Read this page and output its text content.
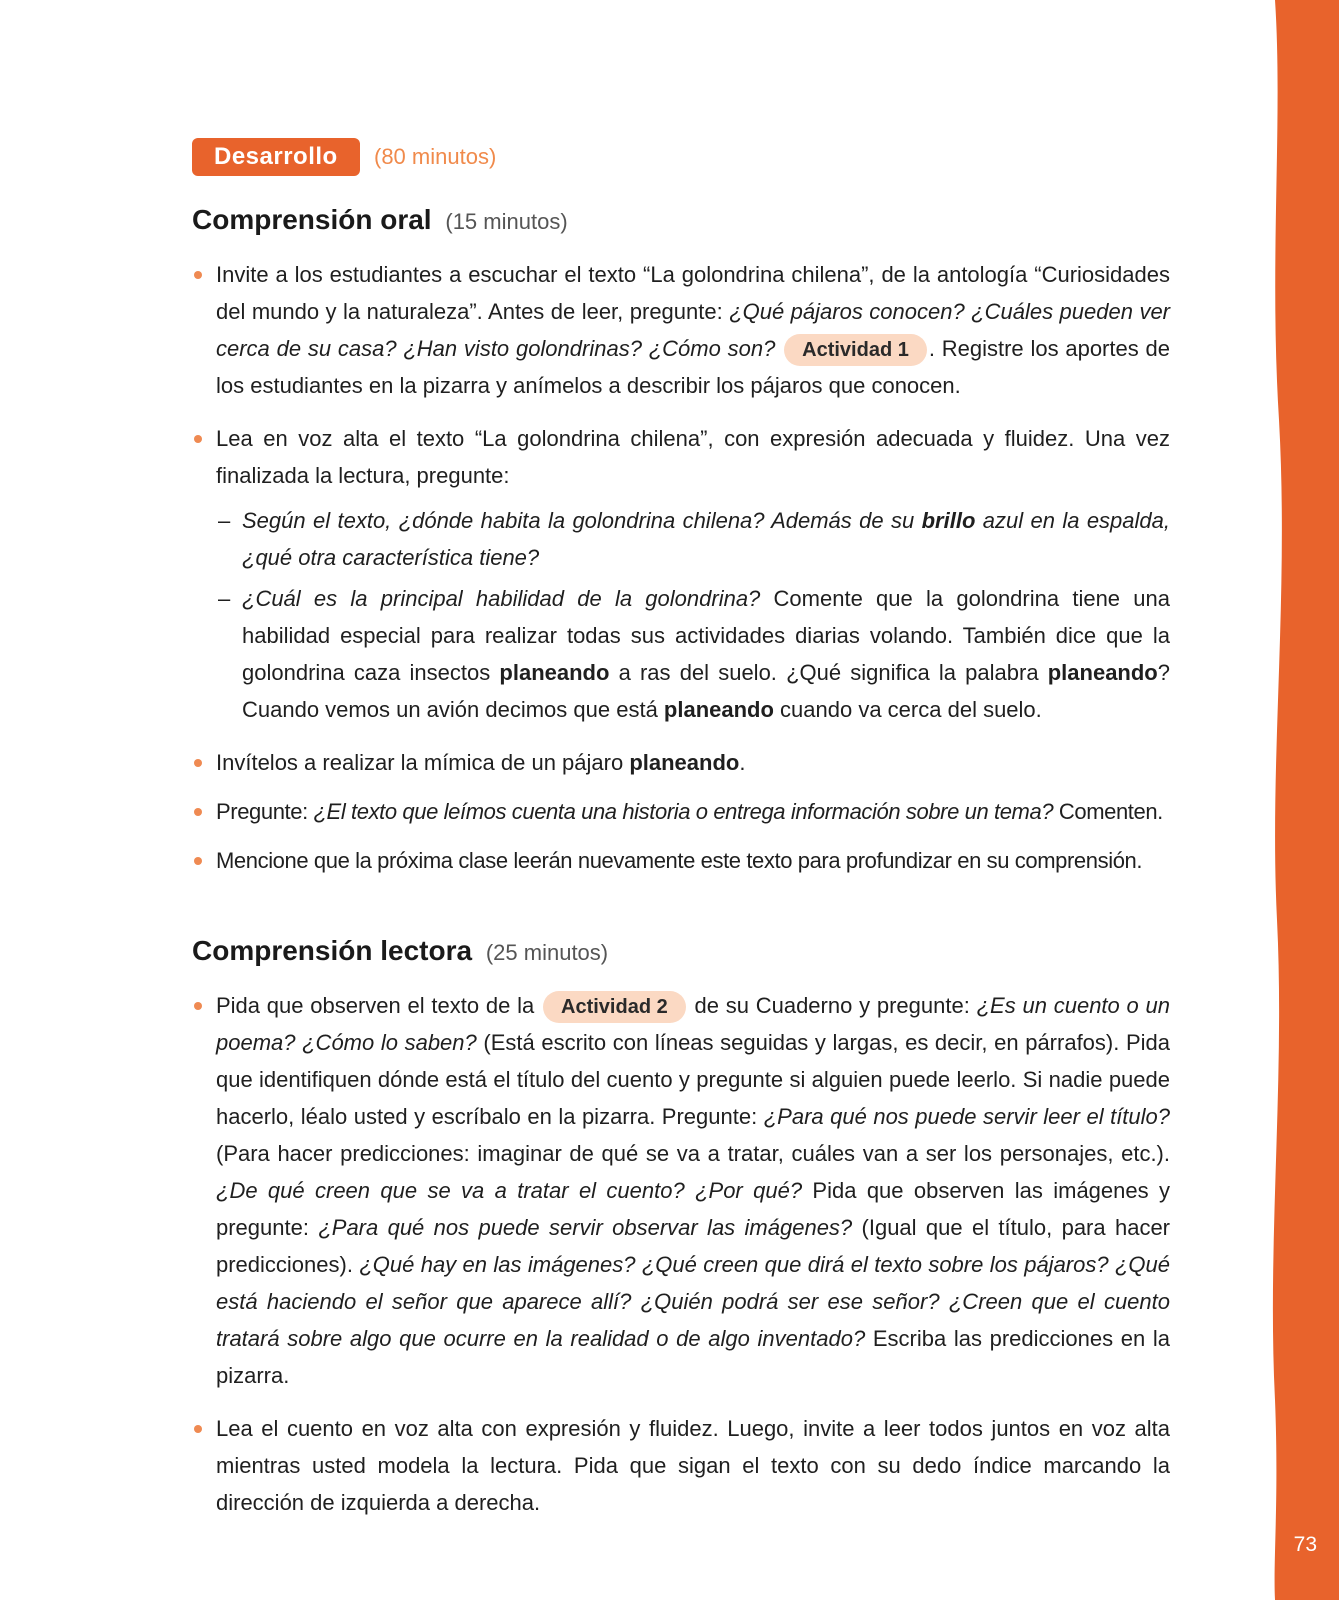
73
Desarrollo	(80 minutos)
Comprensión oral (15 minutos)
Invite a los estudiantes a escuchar el texto “La golondrina chilena”, de la antología “Curiosidades del mundo y la naturaleza”. Antes de leer, pregunte: ¿Qué pájaros conocen? ¿Cuáles pueden ver cerca de su casa? ¿Han visto golondrinas? ¿Cómo son? Actividad 1 . Registre los aportes de los estudiantes en la pizarra y anímelos a describir los pájaros que conocen.
Lea en voz alta el texto “La golondrina chilena”, con expresión adecuada y fluidez. Una vez finalizada la lectura, pregunte:
– Según el texto, ¿dónde habita la golondrina chilena? Además de su brillo azul en la espalda, ¿qué otra característica tiene?
– ¿Cuál es la principal habilidad de la golondrina? Comente que la golondrina tiene una habilidad especial para realizar todas sus actividades diarias volando. También dice que la golondrina caza insectos planeando a ras del suelo. ¿Qué significa la palabra planeando? Cuando vemos un avión decimos que está planeando cuando va cerca del suelo.
Invítelos a realizar la mímica de un pájaro planeando.
Pregunte: ¿El texto que leímos cuenta una historia o entrega información sobre un tema? Comenten.
Mencione que la próxima clase leerán nuevamente este texto para profundizar en su comprensión.
Comprensión lectora (25 minutos)
Pida que observen el texto de la Actividad 2 de su Cuaderno y pregunte: ¿Es un cuento o un poema? ¿Cómo lo saben? (Está escrito con líneas seguidas y largas, es decir, en párrafos). Pida que identifiquen dónde está el título del cuento y pregunte si alguien puede leerlo. Si nadie puede hacerlo, léalo usted y escríbalo en la pizarra. Pregunte: ¿Para qué nos puede servir leer el título? (Para hacer predicciones: imaginar de qué se va a tratar, cuáles van a ser los personajes, etc.). ¿De qué creen que se va a tratar el cuento? ¿Por qué? Pida que observen las imágenes y pregunte: ¿Para qué nos puede servir observar las imágenes? (Igual que el título, para hacer predicciones). ¿Qué hay en las imágenes? ¿Qué creen que dirá el texto sobre los pájaros? ¿Qué está haciendo el señor que aparece allí? ¿Quién podrá ser ese señor? ¿Creen que el cuento tratará sobre algo que ocurre en la realidad o de algo inventado? Escriba las predicciones en la pizarra.
Lea el cuento en voz alta con expresión y fluidez. Luego, invite a leer todos juntos en voz alta mientras usted modela la lectura. Pida que sigan el texto con su dedo índice marcando la dirección de izquierda a derecha.
